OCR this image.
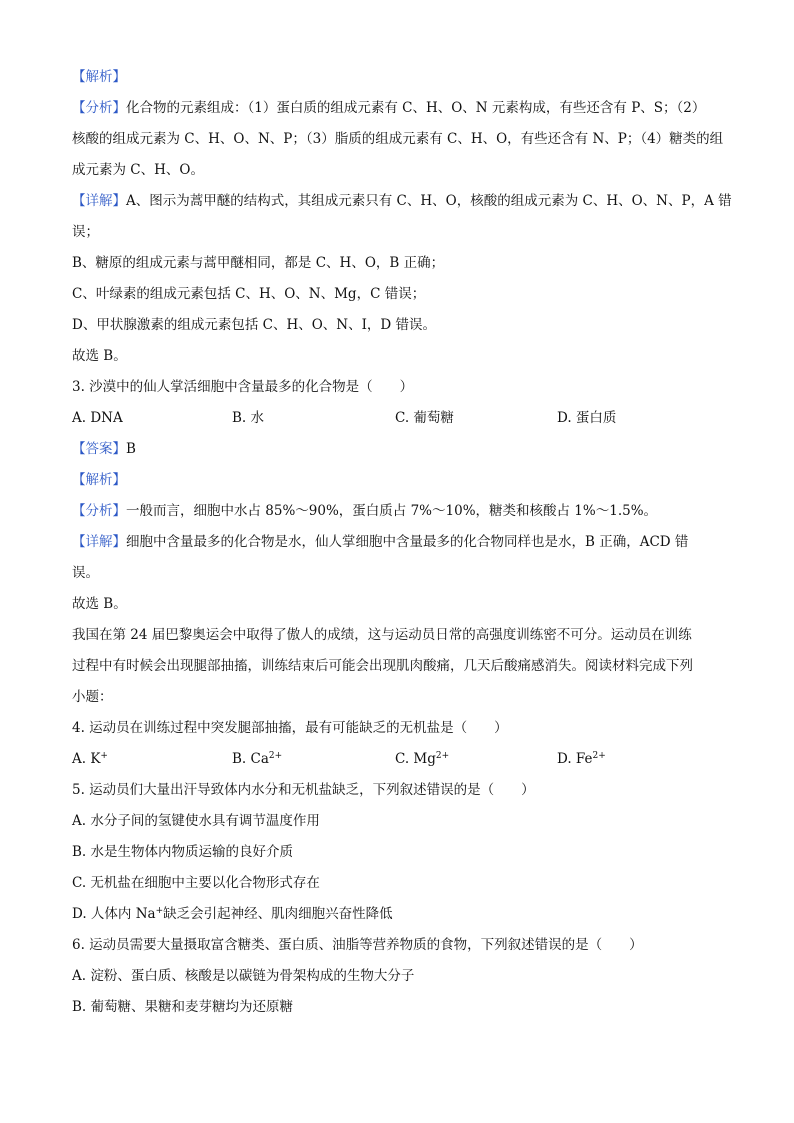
【解析】
【分析】化合物的元素组成：（1）蛋白质的组成元素有 C、H、O、N 元素构成，有些还含有 P、S；（2）
核酸的组成元素为 C、H、O、N、P；（3）脂质的组成元素有 C、H、O，有些还含有 N、P；（4）糖类的组
成元素为 C、H、O。
【详解】A、图示为蒿甲醚的结构式，其组成元素只有 C、H、O，核酸的组成元素为 C、H、O、N、P，A 错
误；
B、糖原的组成元素与蒿甲醚相同，都是 C、H、O，B 正确；
C、叶绿素的组成元素包括 C、H、O、N、Mg，C 错误；
D、甲状腺激素的组成元素包括 C、H、O、N、I，D 错误。
故选 B。
3. 沙漠中的仙人掌活细胞中含量最多的化合物是（　　）
A. DNA	B. 水	C. 葡萄糖	D. 蛋白质
【答案】B
【解析】
【分析】一般而言，细胞中水占 85%～90%，蛋白质占 7%～10%，糖类和核酸占 1%～1.5%。
【详解】细胞中含量最多的化合物是水，仙人掌细胞中含量最多的化合物同样也是水，B 正确，ACD 错
误。
故选 B。
我国在第 24 届巴黎奥运会中取得了傲人的成绩，这与运动员日常的高强度训练密不可分。运动员在训练
过程中有时候会出现腿部抽搐，训练结束后可能会出现肌肉酸痛，几天后酸痛感消失。阅读材料完成下列
小题：
4. 运动员在训练过程中突发腿部抽搐，最有可能缺乏的无机盐是（　　）
A. K+	B. $Ca^{2+}$	C. $Mg^{2+}$	D. $Fe^{2+}$
5. 运动员们大量出汗导致体内水分和无机盐缺乏，下列叙述错误的是（　　）
A. 水分子间的氢键使水具有调节温度作用
B. 水是生物体内物质运输的良好介质
C. 无机盐在细胞中主要以化合物形式存在
D. 人体内 Na+缺乏会引起神经、肌肉细胞兴奋性降低
6. 运动员需要大量摄取富含糖类、蛋白质、油脂等营养物质的食物，下列叙述错误的是（　　）
A. 淀粉、蛋白质、核酸是以碳链为骨架构成的生物大分子
B. 葡萄糖、果糖和麦芽糖均为还原糖
